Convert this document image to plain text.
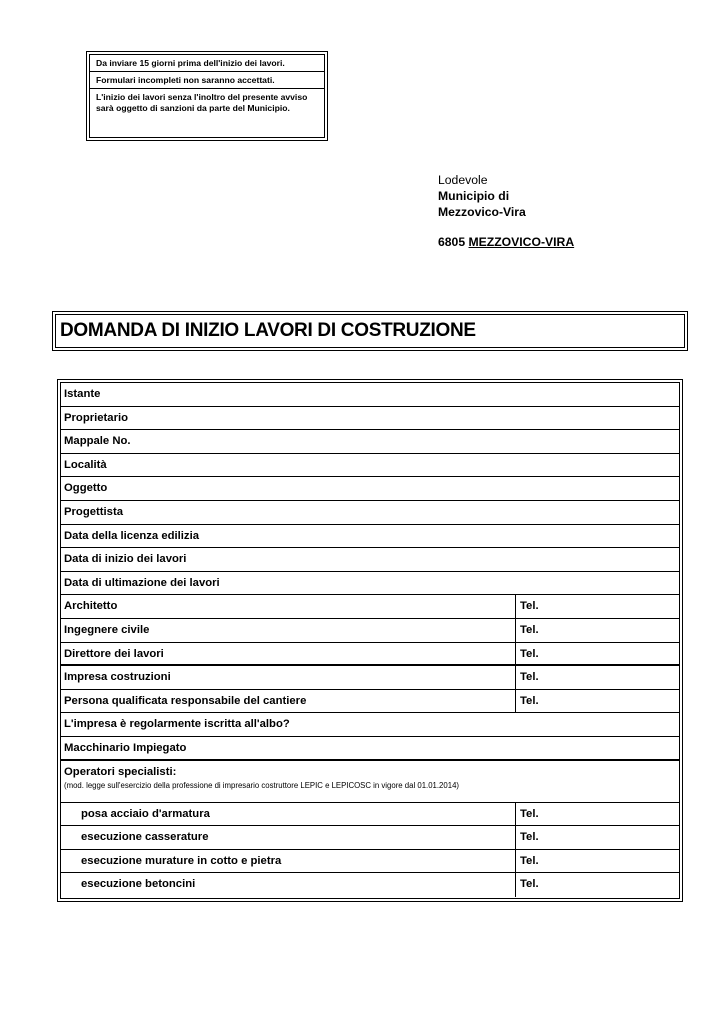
Da inviare 15 giorni prima dell'inizio dei lavori.
Formulari incompleti non saranno accettati.
L'inizio dei lavori senza l'inoltro del presente avviso sarà oggetto di sanzioni da parte del Municipio.
Lodevole
Municipio di
Mezzovico-Vira
6805 MEZZOVICO-VIRA
DOMANDA DI INIZIO LAVORI DI COSTRUZIONE
Istante
Proprietario
Mappale No.
Località
Oggetto
Progettista
Data della licenza edilizia
Data di inizio dei lavori
Data di ultimazione dei lavori
Architetto	Tel.
Ingegnere civile	Tel.
Direttore dei lavori	Tel.
Impresa costruzioni	Tel.
Persona qualificata responsabile del cantiere	Tel.
L'impresa è regolarmente iscritta all'albo?
Macchinario Impiegato
Operatori specialisti:
(mod. legge sull'esercizio della professione di impresario costruttore LEPIC e LEPICOSC in vigore dal 01.01.2014)
posa acciaio d'armatura	Tel.
esecuzione casserature	Tel.
esecuzione murature in cotto e pietra	Tel.
esecuzione betoncini	Tel.
